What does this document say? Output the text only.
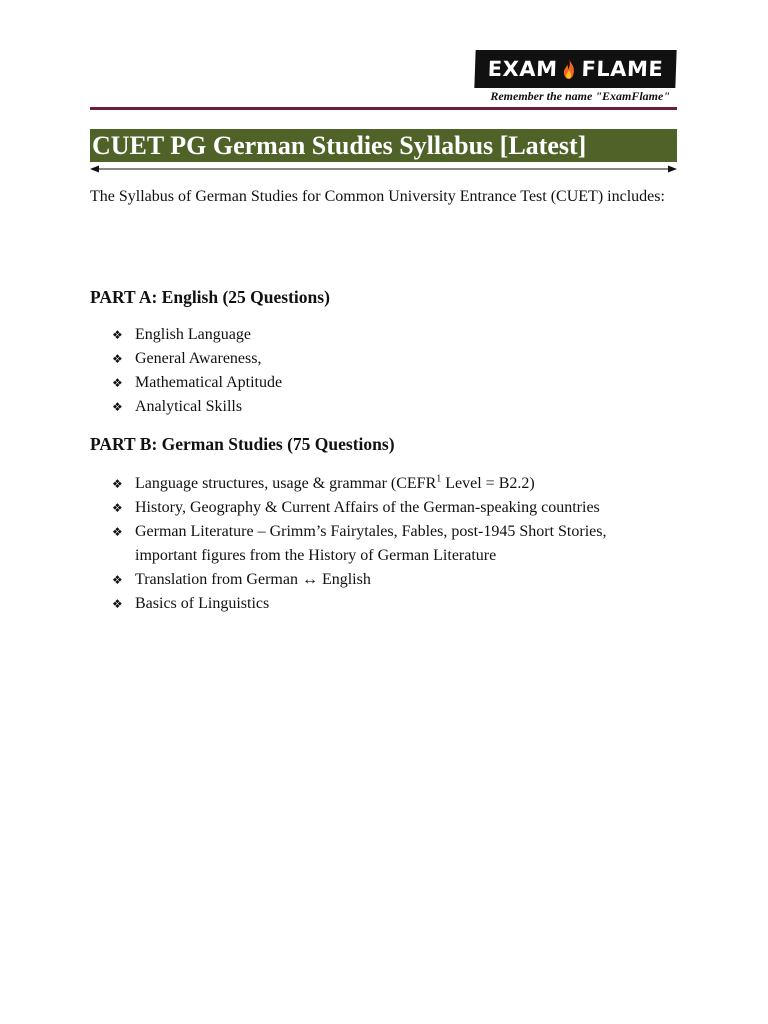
EXAM FLAME
Remember the name "ExamFlame"
CUET PG German Studies Syllabus [Latest]
The Syllabus of German Studies for Common University Entrance Test (CUET) includes:
PART A: English (25 Questions)
❖ English Language
❖ General Awareness,
❖ Mathematical Aptitude
❖ Analytical Skills
PART B: German Studies (75 Questions)
❖ Language structures, usage & grammar (CEFR$^1$ Level = B2.2)
❖ History, Geography & Current Affairs of the German-speaking countries
❖ German Literature – Grimm’s Fairytales, Fables, post-1945 Short Stories, important figures from the History of German Literature
❖ Translation from German ↔ English
❖ Basics of Linguistics
